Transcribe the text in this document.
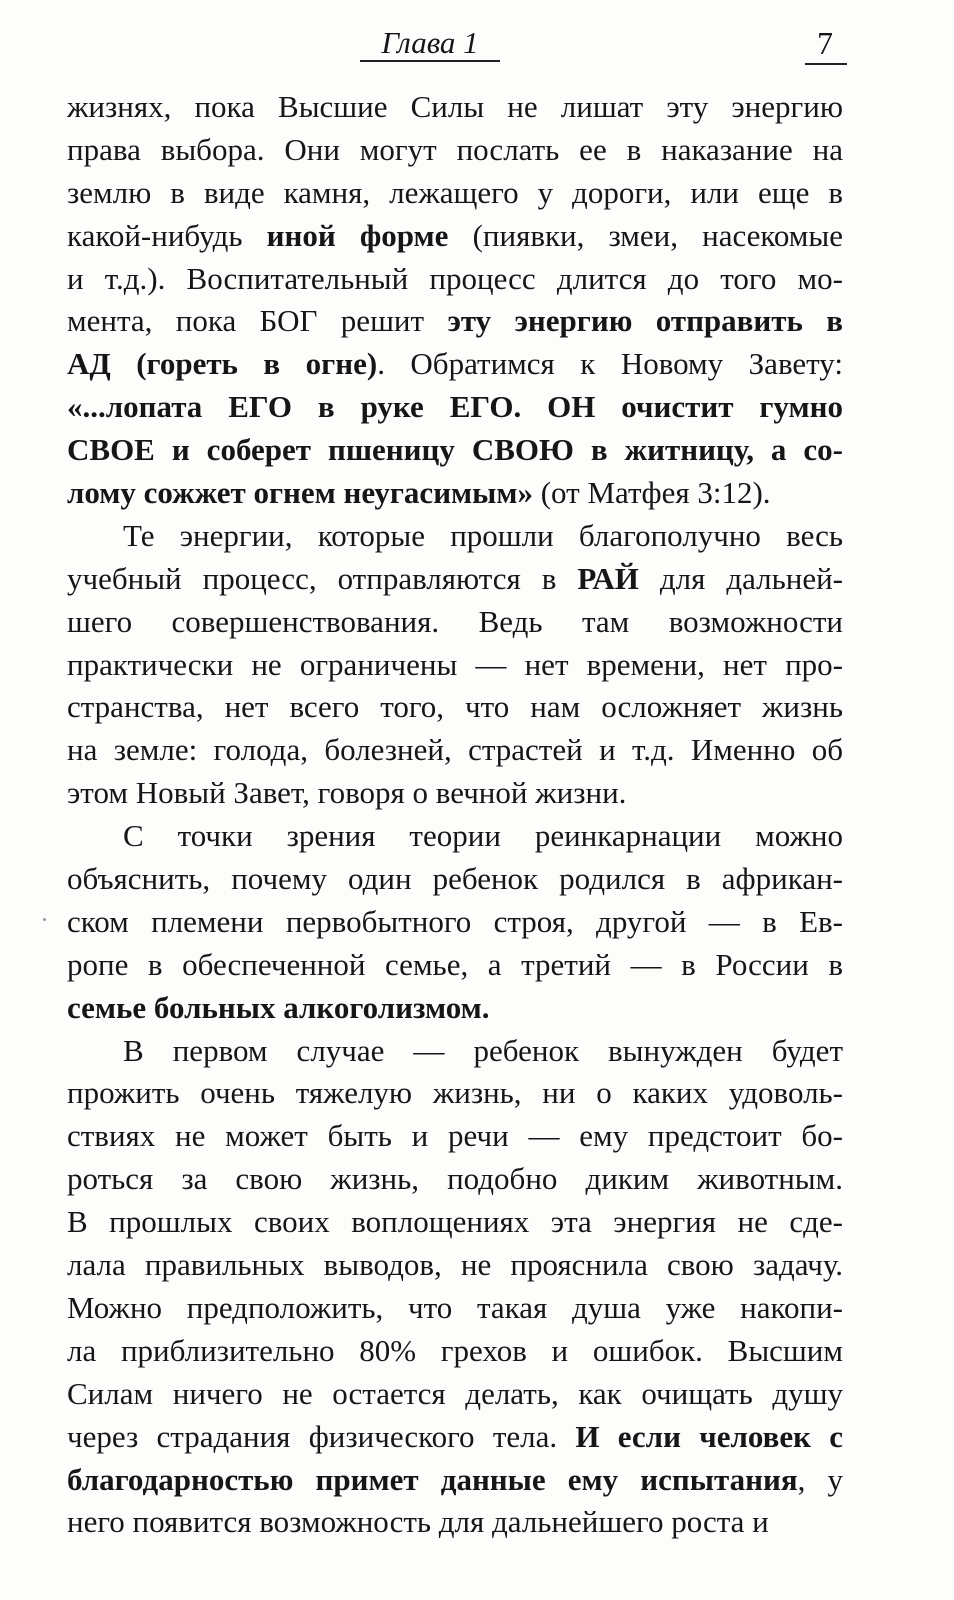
Глава 1	7
жизнях, пока Высшие Силы не лишат эту энергию
права выбора. Они могут послать ее в наказание на
землю в виде камня, лежащего у дороги, или еще в
какой-нибудь иной форме (пиявки, змеи, насекомые
и т.д.). Воспитательный процесс длится до того мо-
мента, пока БОГ решит эту энергию отправить в
АД (гореть в огне). Обратимся к Новому Завету:
«...лопата ЕГО в руке ЕГО. ОН очистит гумно
СВОЕ и соберет пшеницу СВОЮ в житницу, а со-
лому сожжет огнем неугасимым» (от Матфея 3:12).
Те энергии, которые прошли благополучно весь
учебный процесс, отправляются в РАЙ для дальней-
шего совершенствования. Ведь там возможности
практически не ограничены — нет времени, нет про-
странства, нет всего того, что нам осложняет жизнь
на земле: голода, болезней, страстей и т.д. Именно об
этом Новый Завет, говоря о вечной жизни.
С точки зрения теории реинкарнации можно
объяснить, почему один ребенок родился в африкан-
ском племени первобытного строя, другой — в Ев-
ропе в обеспеченной семье, а третий — в России в
семье больных алкоголизмом.
В первом случае — ребенок вынужден будет
прожить очень тяжелую жизнь, ни о каких удоволь-
ствиях не может быть и речи — ему предстоит бо-
роться за свою жизнь, подобно диким животным.
В прошлых своих воплощениях эта энергия не сде-
лала правильных выводов, не прояснила свою задачу.
Можно предположить, что такая душа уже накопи-
ла приблизительно 80% грехов и ошибок. Высшим
Силам ничего не остается делать, как очищать душу
через страдания физического тела. И если человек с
благодарностью примет данные ему испытания, у
него появится возможность для дальнейшего роста и
